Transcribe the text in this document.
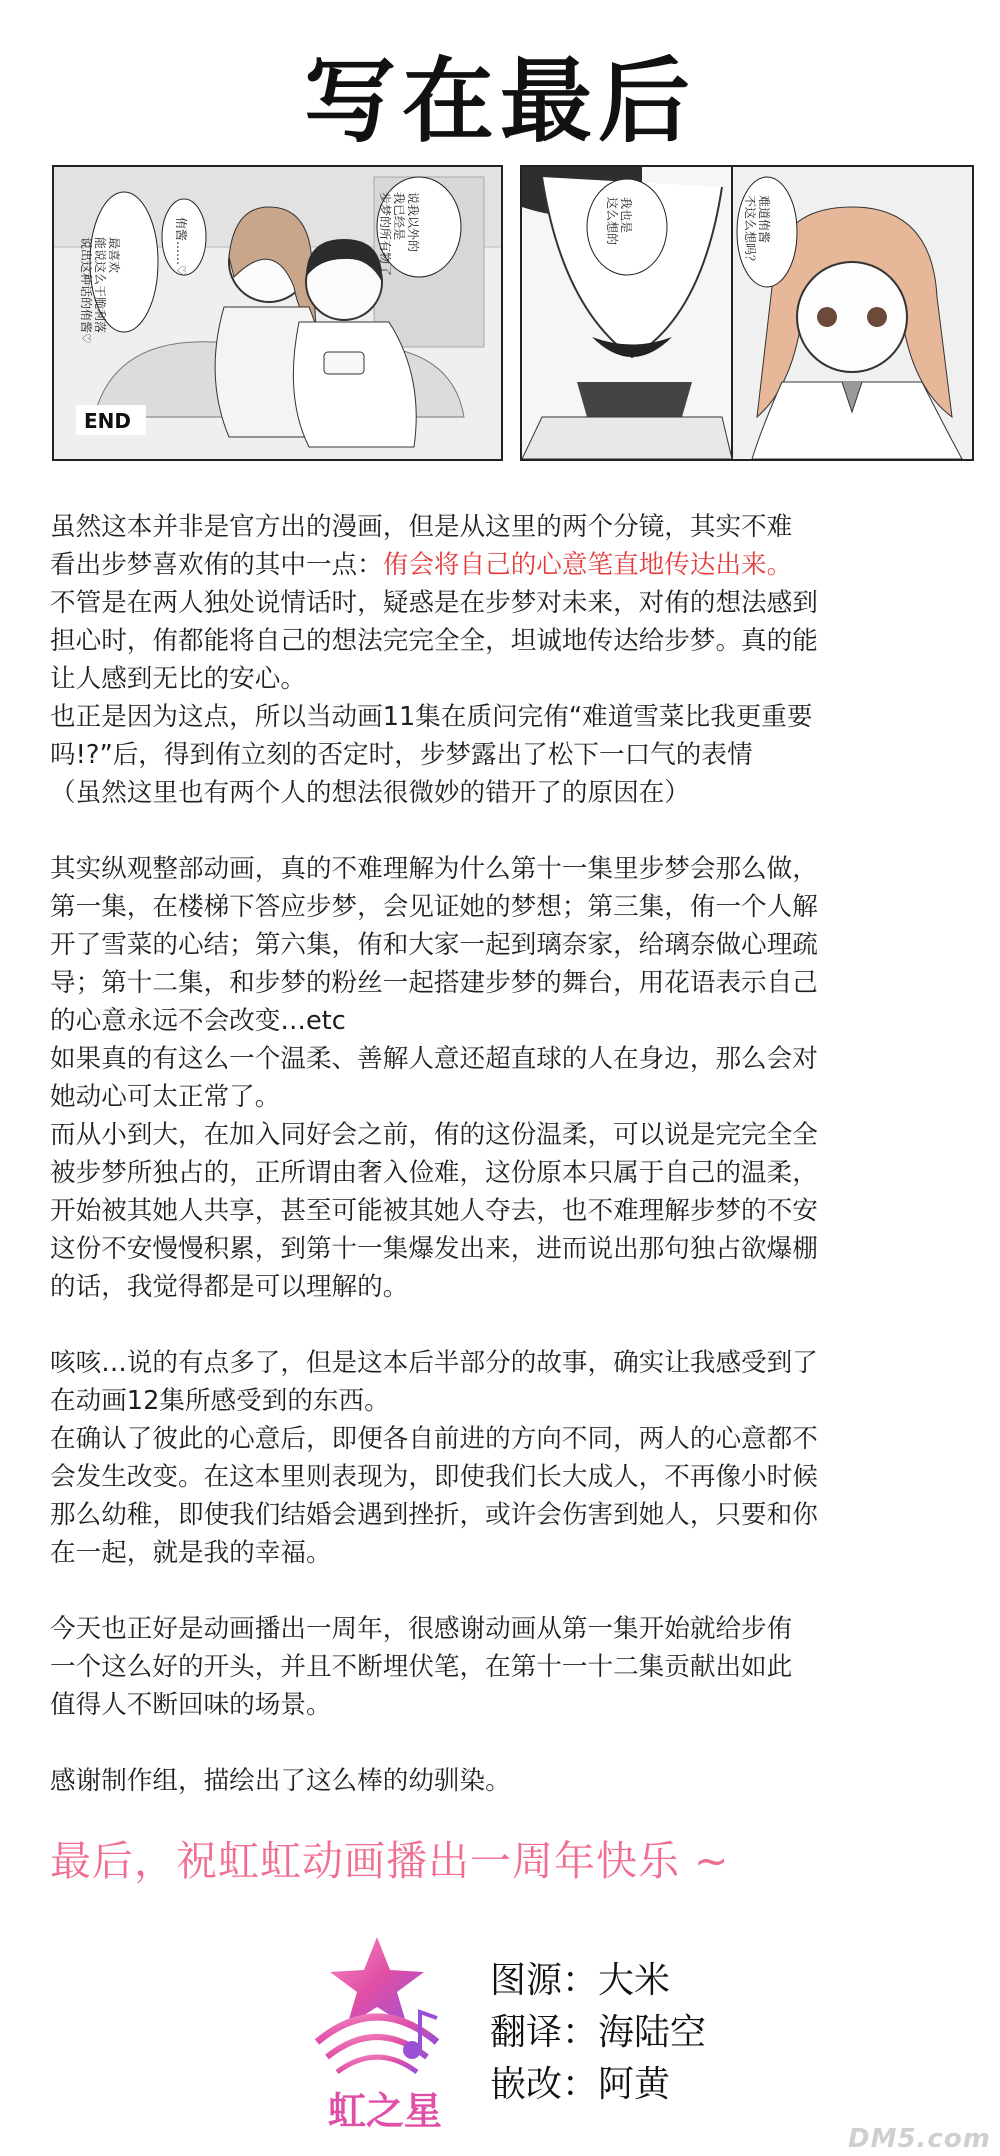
写在最后
最喜欢能说这么干脆利落说出这种话的侑酱♡	侑酱……♡	说我以外的我已经是步梦的所有物了
END
我也是这么想的	难道侑酱不这么想吗？

虽然这本并非是官方出的漫画，但是从这里的两个分镜，其实不难

看出步梦喜欢侑的其中一点：侑会将自己的心意笔直地传达出来。

不管是在两人独处说情话时，疑惑是在步梦对未来，对侑的想法感到

担心时，侑都能将自己的想法完完全全，坦诚地传达给步梦。真的能

让人感到无比的安心。

也正是因为这点，所以当动画11集在质问完侑“难道雪菜比我更重要

吗!?”后，得到侑立刻的否定时，步梦露出了松下一口气的表情

（虽然这里也有两个人的想法很微妙的错开了的原因在）

其实纵观整部动画，真的不难理解为什么第十一集里步梦会那么做，

第一集，在楼梯下答应步梦，会见证她的梦想；第三集，侑一个人解

开了雪菜的心结；第六集，侑和大家一起到璃奈家，给璃奈做心理疏

导；第十二集，和步梦的粉丝一起搭建步梦的舞台，用花语表示自己

的心意永远不会改变…etc

如果真的有这么一个温柔、善解人意还超直球的人在身边，那么会对

她动心可太正常了。

而从小到大，在加入同好会之前，侑的这份温柔，可以说是完完全全

被步梦所独占的，正所谓由奢入俭难，这份原本只属于自己的温柔，

开始被其她人共享，甚至可能被其她人夺去，也不难理解步梦的不安

这份不安慢慢积累，到第十一集爆发出来，进而说出那句独占欲爆棚

的话，我觉得都是可以理解的。

咳咳…说的有点多了，但是这本后半部分的故事，确实让我感受到了

在动画12集所感受到的东西。

在确认了彼此的心意后，即便各自前进的方向不同，两人的心意都不

会发生改变。在这本里则表现为，即使我们长大成人，不再像小时候

那么幼稚，即使我们结婚会遇到挫折，或许会伤害到她人，只要和你

在一起，就是我的幸福。

今天也正好是动画播出一周年，很感谢动画从第一集开始就给步侑

一个这么好的开头，并且不断埋伏笔，在第十一十二集贡献出如此

值得人不断回味的场景。

感谢制作组，描绘出了这么棒的幼驯染。

最后，祝虹虹动画播出一周年快乐 ~
虹之星
图源：大米
翻译：海陆空
嵌改：阿黄
DM5.com
